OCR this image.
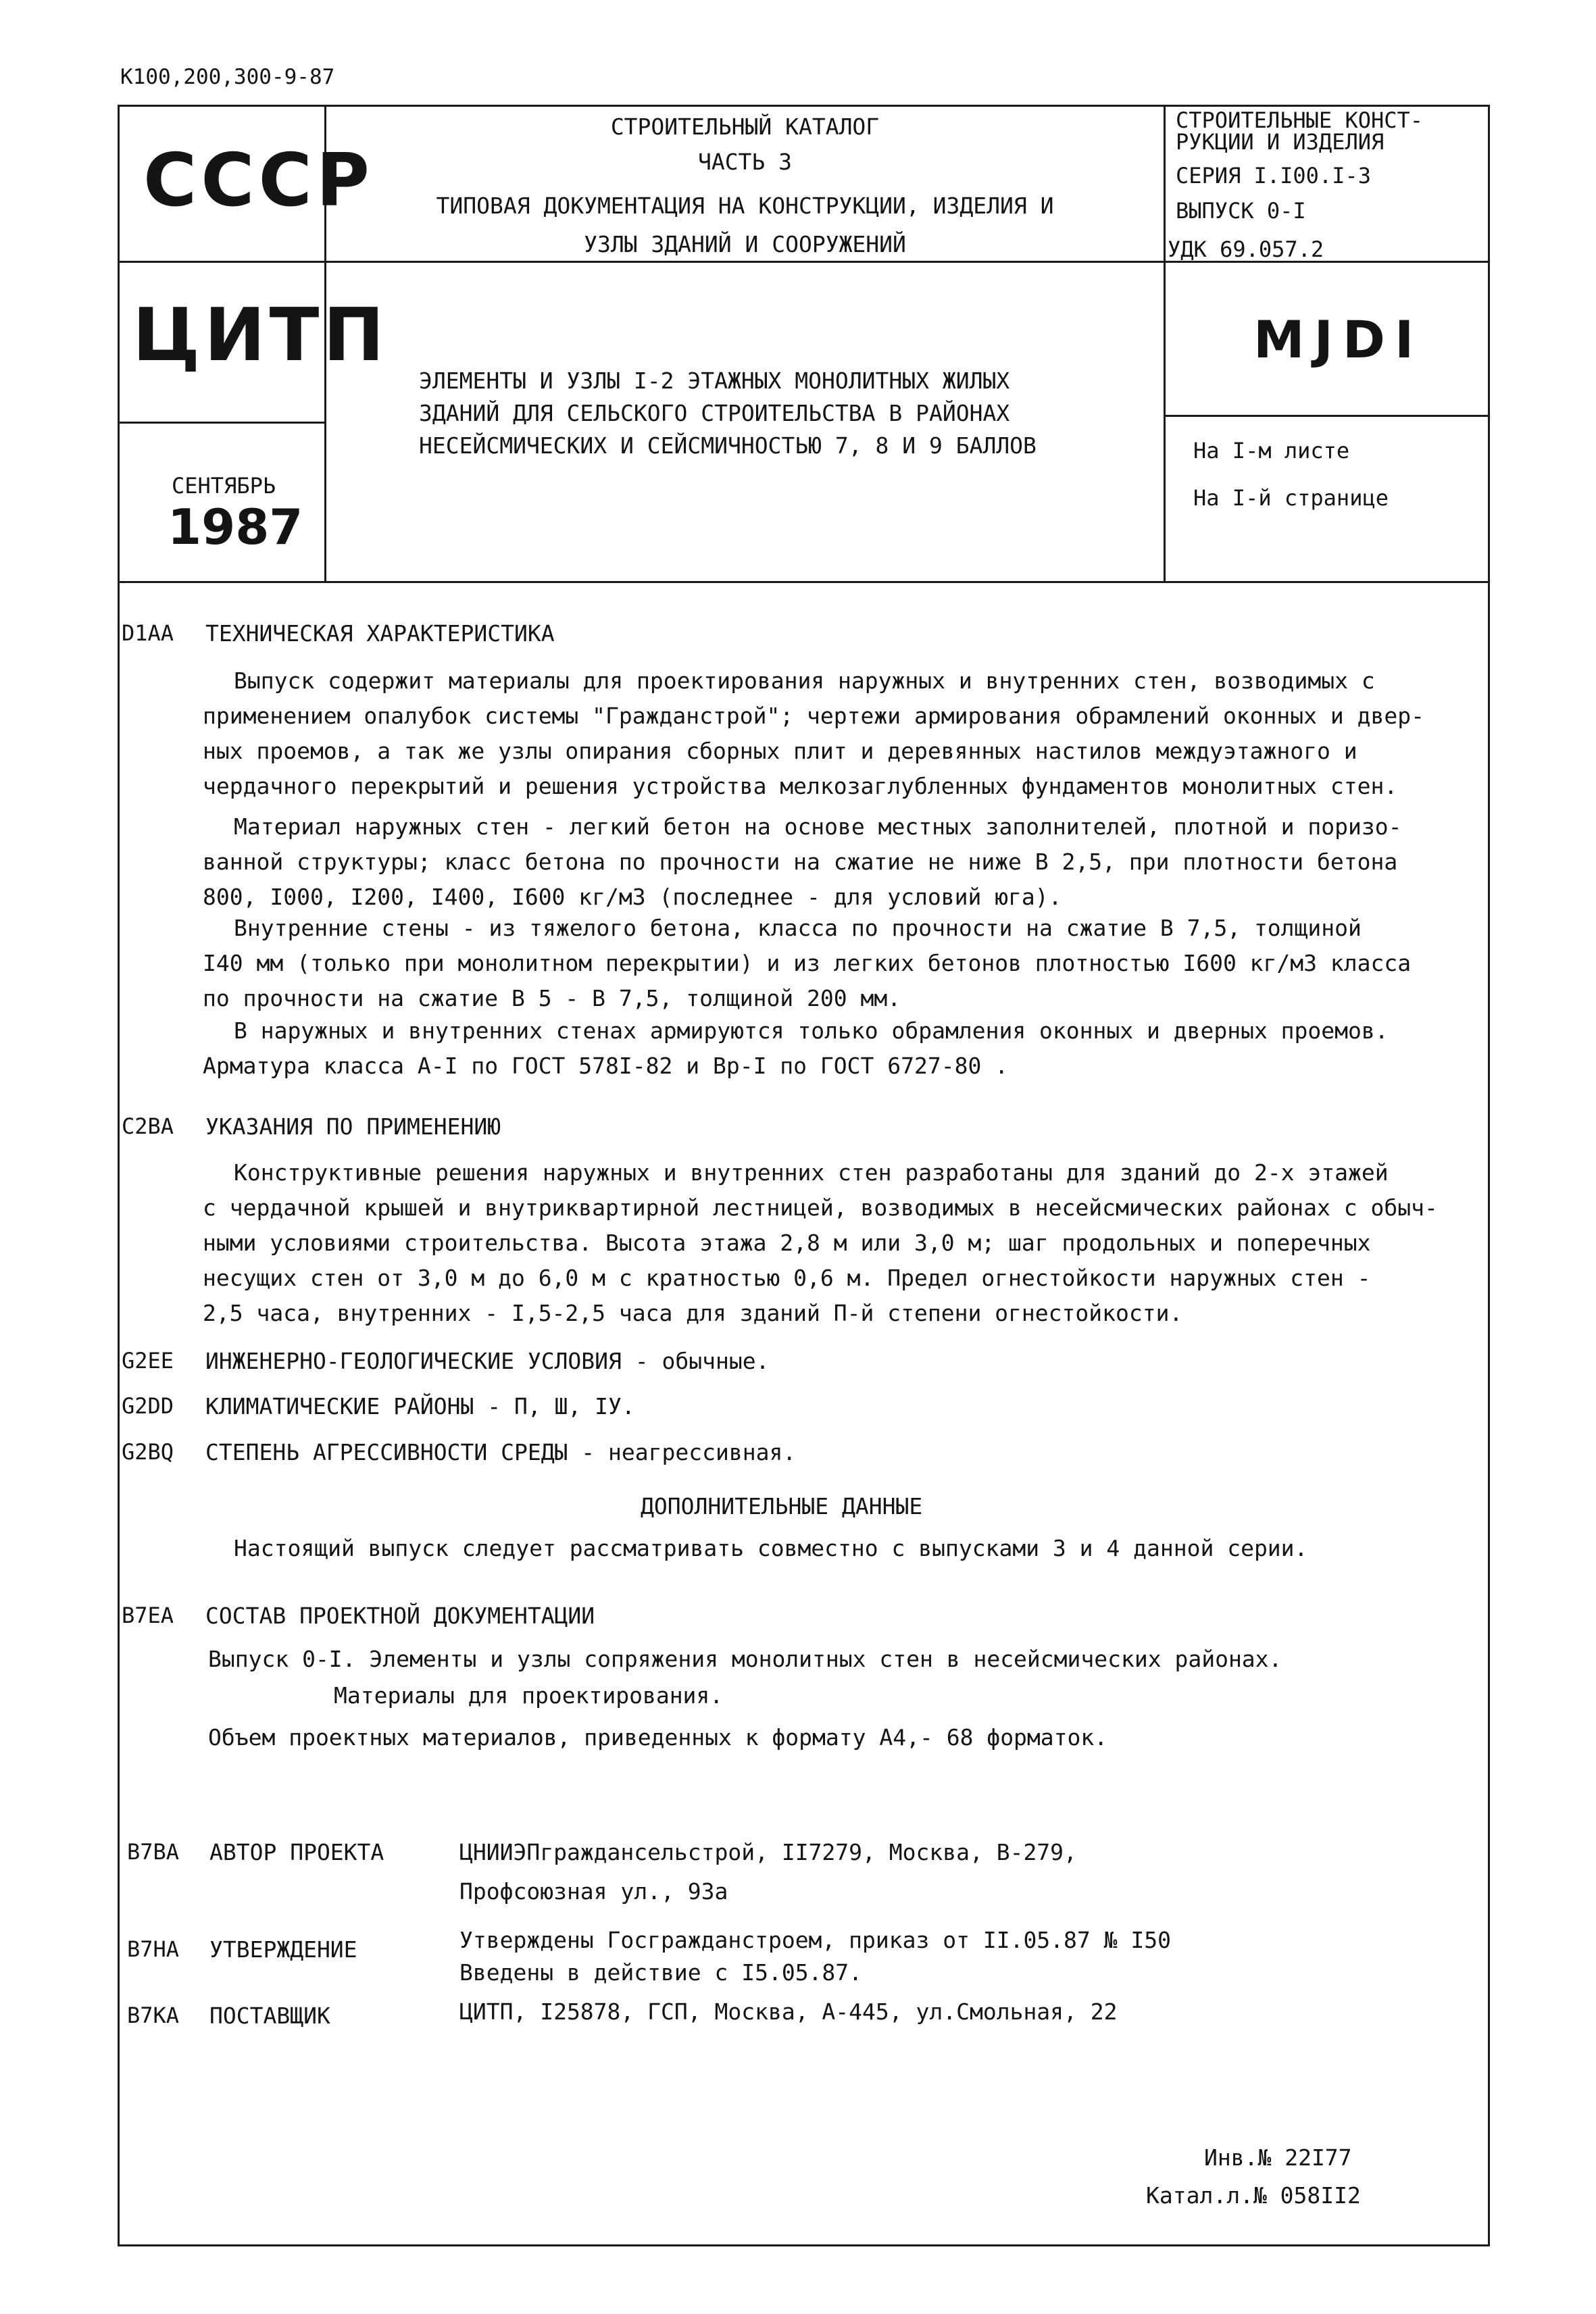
К100,200,300-9-87
СССР
ЦИТП
СЕНТЯБРЬ
1987
СТРОИТЕЛЬНЫЙ КАТАЛОГ
ЧАСТЬ 3
ТИПОВАЯ ДОКУМЕНТАЦИЯ НА КОНСТРУКЦИИ, ИЗДЕЛИЯ И
УЗЛЫ ЗДАНИЙ И СООРУЖЕНИЙ
ЭЛЕМЕНТЫ И УЗЛЫ I-2 ЭТАЖНЫХ МОНОЛИТНЫХ ЖИЛЫХ
ЗДАНИЙ ДЛЯ СЕЛЬСКОГО СТРОИТЕЛЬСТВА В РАЙОНАХ
НЕСЕЙСМИЧЕСКИХ И СЕЙСМИЧНОСТЬЮ 7, 8 И 9 БАЛЛОВ
СТРОИТЕЛЬНЫЕ КОНСТ-
РУКЦИИ И ИЗДЕЛИЯ
СЕРИЯ I.I00.I-3
ВЫПУСК 0-I
УДК 69.057.2
МЈDI
На I-м листе
На I-й странице
D1AA ТЕХНИЧЕСКАЯ ХАРАКТЕРИСТИКА

Выпуск содержит материалы для проектирования наружных и внутренних стен, возводимых с

применением опалубок системы "Гражданстрой"; чертежи армирования обрамлений оконных и двер-

ных проемов, а так же узлы опирания сборных плит и деревянных настилов междуэтажного и

чердачного перекрытий и решения устройства мелкозаглубленных фундаментов монолитных стен.

Материал наружных стен - легкий бетон на основе местных заполнителей, плотной и поризо-

ванной структуры; класс бетона по прочности на сжатие не ниже В 2,5, при плотности бетона

800, I000, I200, I400, I600 кг/м3 (последнее - для условий юга).

Внутренние стены - из тяжелого бетона, класса по прочности на сжатие В 7,5, толщиной

I40 мм (только при монолитном перекрытии) и из легких бетонов плотностью I600 кг/м3 класса

по прочности на сжатие В 5 - В 7,5, толщиной 200 мм.

В наружных и внутренних стенах армируются только обрамления оконных и дверных проемов.

Арматура класса А-I по ГОСТ 578I-82 и Вр-I по ГОСТ 6727-80 .

C2BA УКАЗАНИЯ ПО ПРИМЕНЕНИЮ

Конструктивные решения наружных и внутренних стен разработаны для зданий до 2-х этажей

с чердачной крышей и внутриквартирной лестницей, возводимых в несейсмических районах с обыч-

ными условиями строительства. Высота этажа 2,8 м или 3,0 м; шаг продольных и поперечных

несущих стен от 3,0 м до 6,0 м с кратностью 0,6 м. Предел огнестойкости наружных стен -

2,5 часа, внутренних - I,5-2,5 часа для зданий П-й степени огнестойкости.

G2EE ИНЖЕНЕРНО-ГЕОЛОГИЧЕСКИЕ УСЛОВИЯ - обычные.
G2DD КЛИМАТИЧЕСКИЕ РАЙОНЫ - П, Ш, IУ.
G2BQ СТЕПЕНЬ АГРЕССИВНОСТИ СРЕДЫ - неагрессивная.
ДОПОЛНИТЕЛЬНЫЕ ДАННЫЕ
Настоящий выпуск следует рассматривать совместно с выпусками 3 и 4 данной серии.
B7EA СОСТАВ ПРОЕКТНОЙ ДОКУМЕНТАЦИИ
Выпуск 0-I. Элементы и узлы сопряжения монолитных стен в несейсмических районах.
Материалы для проектирования.
Объем проектных материалов, приведенных к формату А4,- 68 форматок.
B7BA АВТОР ПРОЕКТА	ЦНИИЭПграждансельстрой, II7279, Москва, В-279,
Профсоюзная ул., 93а
B7HA УТВЕРЖДЕНИЕ	Утверждены Госгражданстроем, приказ от II.05.87 № I50
Введены в действие с I5.05.87.
B7KA ПОСТАВЩИК	ЦИТП, I25878, ГСП, Москва, А-445, ул.Смольная, 22
Инв.№ 22I77
Катал.л.№ 058II2
